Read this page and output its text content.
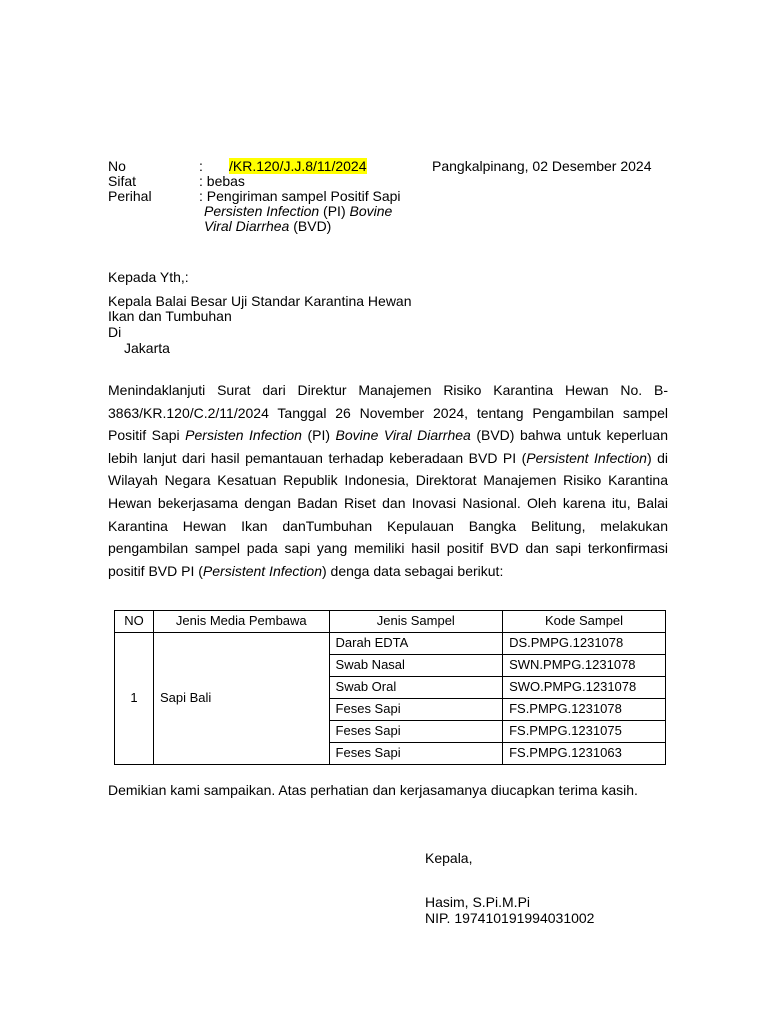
No	: /KR.120/J.J.8/11/2024	Pangkalpinang, 02 Desember 2024
Sifat	: bebas
Perihal	: Pengiriman sampel Positif Sapi
Persisten Infection (PI) Bovine
Viral Diarrhea (BVD)
Kepada Yth,:
Kepala Balai Besar Uji Standar Karantina Hewan
Ikan dan Tumbuhan
Di
Jakarta
Menindaklanjuti Surat dari Direktur Manajemen Risiko Karantina Hewan No. B-3863/KR.120/C.2/11/2024 Tanggal 26 November 2024, tentang Pengambilan sampel Positif Sapi Persisten Infection (PI) Bovine Viral Diarrhea (BVD) bahwa untuk keperluan lebih lanjut dari hasil pemantauan terhadap keberadaan BVD PI (Persistent Infection) di Wilayah Negara Kesatuan Republik Indonesia, Direktorat Manajemen Risiko Karantina Hewan bekerjasama dengan Badan Riset dan Inovasi Nasional. Oleh karena itu, Balai Karantina Hewan Ikan danTumbuhan Kepulauan Bangka Belitung, melakukan pengambilan sampel pada sapi yang memiliki hasil positif BVD dan sapi terkonfirmasi positif BVD PI (Persistent Infection) denga data sebagai berikut:
NO	Jenis Media Pembawa	Jenis Sampel	Kode Sampel
1	Sapi Bali	Darah EDTA	DS.PMPG.1231078
		Swab Nasal	SWN.PMPG.1231078
		Swab Oral	SWO.PMPG.1231078
		Feses Sapi	FS.PMPG.1231078
		Feses Sapi	FS.PMPG.1231075
		Feses Sapi	FS.PMPG.1231063
Demikian kami sampaikan. Atas perhatian dan kerjasamanya diucapkan terima kasih.
Kepala,
Hasim, S.Pi.M.Pi
NIP. 197410191994031002
